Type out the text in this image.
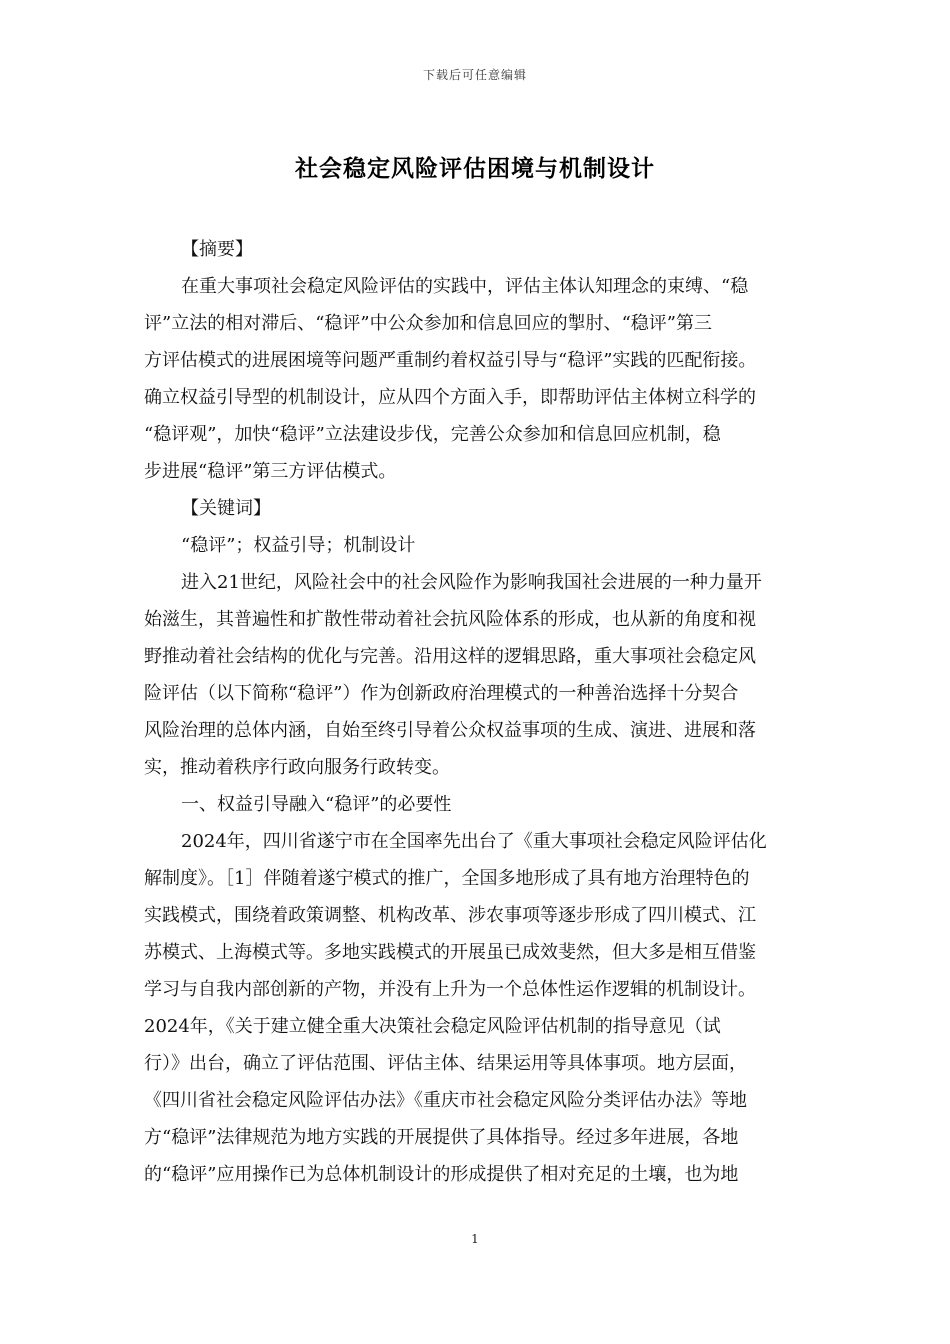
下载后可任意编辑
社会稳定风险评估困境与机制设计
【摘要】
在重大事项社会稳定风险评估的实践中，评估主体认知理念的束缚、“稳
评”立法的相对滞后、“稳评”中公众参加和信息回应的掣肘、“稳评”第三
方评估模式的进展困境等问题严重制约着权益引导与“稳评”实践的匹配衔接。
确立权益引导型的机制设计，应从四个方面入手，即帮助评估主体树立科学的
“稳评观”，加快“稳评”立法建设步伐，完善公众参加和信息回应机制，稳
步进展“稳评”第三方评估模式。
【关键词】
“稳评”；权益引导；机制设计
进入21世纪，风险社会中的社会风险作为影响我国社会进展的一种力量开
始滋生，其普遍性和扩散性带动着社会抗风险体系的形成，也从新的角度和视
野推动着社会结构的优化与完善。沿用这样的逻辑思路，重大事项社会稳定风
险评估（以下简称“稳评”）作为创新政府治理模式的一种善治选择十分契合
风险治理的总体内涵，自始至终引导着公众权益事项的生成、演进、进展和落
实，推动着秩序行政向服务行政转变。
一、权益引导融入“稳评”的必要性
2024年，四川省遂宁市在全国率先出台了《重大事项社会稳定风险评估化
解制度》。［1］伴随着遂宁模式的推广，全国多地形成了具有地方治理特色的
实践模式，围绕着政策调整、机构改革、涉农事项等逐步形成了四川模式、江
苏模式、上海模式等。多地实践模式的开展虽已成效斐然，但大多是相互借鉴
学习与自我内部创新的产物，并没有上升为一个总体性运作逻辑的机制设计。
2024年，《关于建立健全重大决策社会稳定风险评估机制的指导意见（试
行）》出台，确立了评估范围、评估主体、结果运用等具体事项。地方层面，
《四川省社会稳定风险评估办法》《重庆市社会稳定风险分类评估办法》等地
方“稳评”法律规范为地方实践的开展提供了具体指导。经过多年进展，各地
的“稳评”应用操作已为总体机制设计的形成提供了相对充足的土壤，也为地
1
